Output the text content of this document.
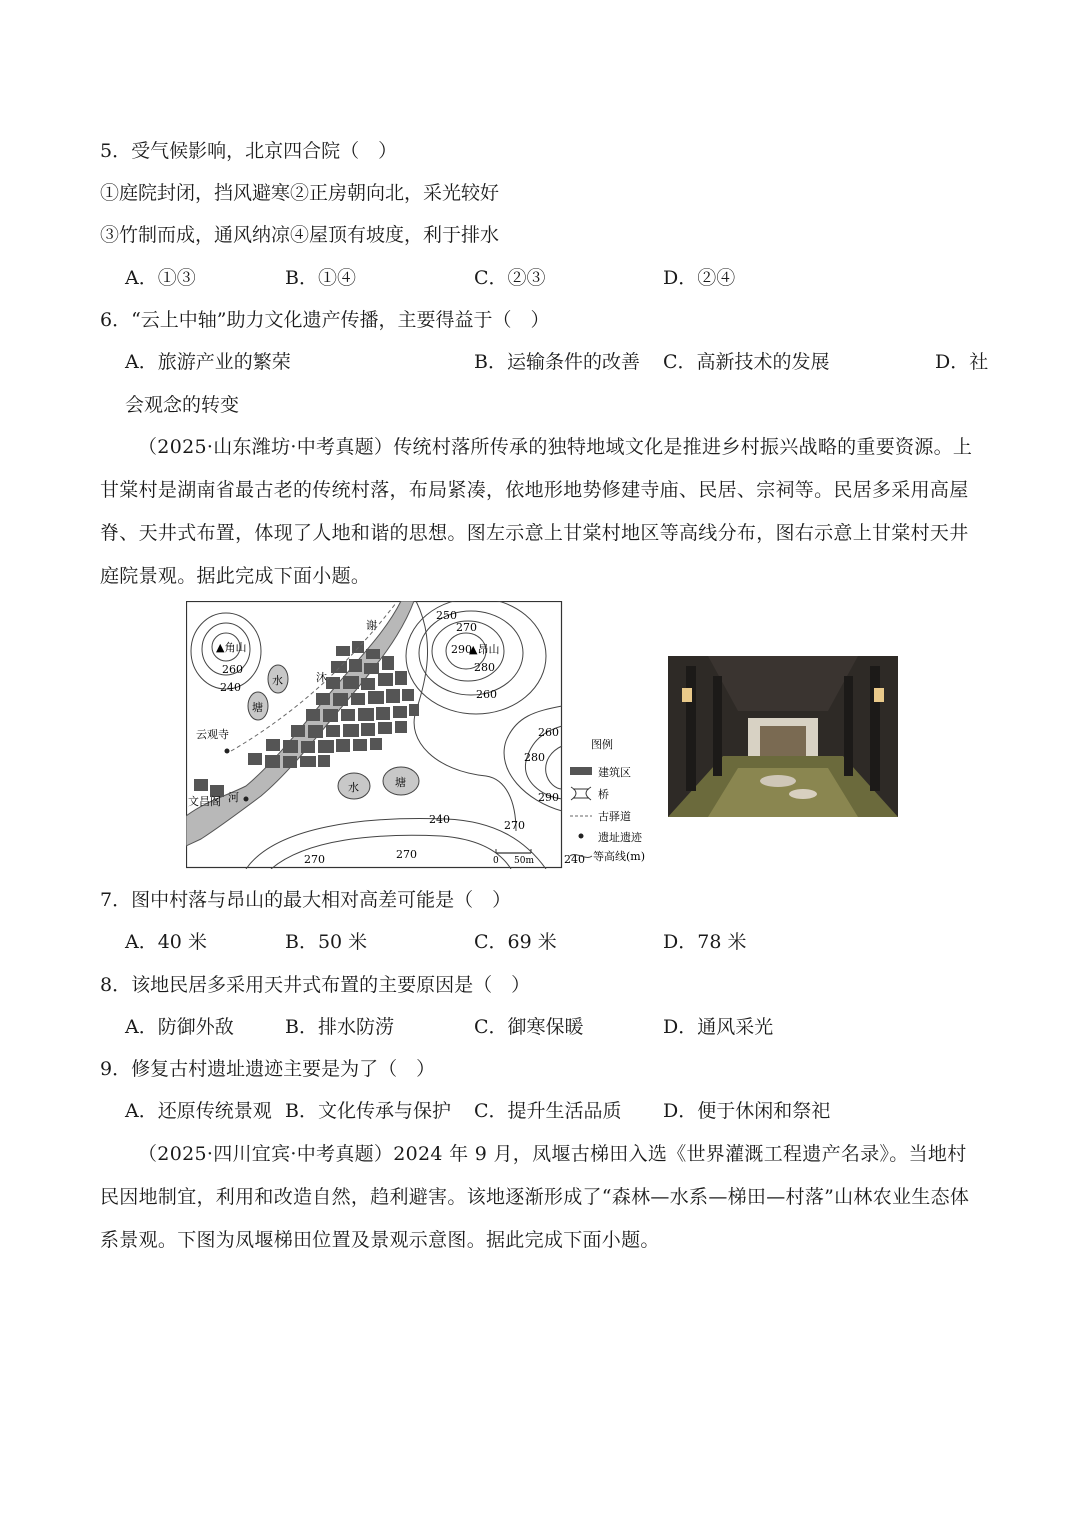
5．受气候影响，北京四合院（　）
①庭院封闭，挡风避寒②正房朝向北，采光较好
③竹制而成，通风纳凉④屋顶有坡度，利于排水
A．①③	B．①④	C．②③	D．②④
6．“云上中轴”助力文化遗产传播，主要得益于（　）
A．旅游产业的繁荣	B．运输条件的改善 C．高新技术的发展	D．社
会观念的转变
（2025·山东潍坊·中考真题）传统村落所传承的独特地域文化是推进乡村振兴战略的重要资源。上甘棠村是湖南省最古老的传统村落，布局紧凑，依地形地势修建寺庙、民居、宗祠等。民居多采用高屋脊、天井式布置，体现了人地和谐的思想。图左示意上甘棠村地区等高线分布，图右示意上甘棠村天井庭院景观。据此完成下面小题。
▲角山
260
240
290
▲昂山
250
270
280
260
260
280
290
240	270
270
270	240
水
塘
水	塘
谢
沐
河
云观寺
文昌阁
图例
建筑区
桥
古驿道
遗址遗迹
等高线(m)
0 50m
7．图中村落与昂山的最大相对高差可能是（　）
A．40 米	B．50 米	C．69 米	D．78 米
8．该地民居多采用天井式布置的主要原因是（　）
A．防御外敌	B．排水防涝	C．御寒保暖	D．通风采光
9．修复古村遗址遗迹主要是为了（　）
A．还原传统景观 B．文化传承与保护 C．提升生活品质 D．便于休闲和祭祀
（2025·四川宜宾·中考真题）2024 年 9 月，凤堰古梯田入选《世界灌溉工程遗产名录》。当地村民因地制宜，利用和改造自然，趋利避害。该地逐渐形成了“森林—水系—梯田—村落”山林农业生态体系景观。下图为凤堰梯田位置及景观示意图。据此完成下面小题。
